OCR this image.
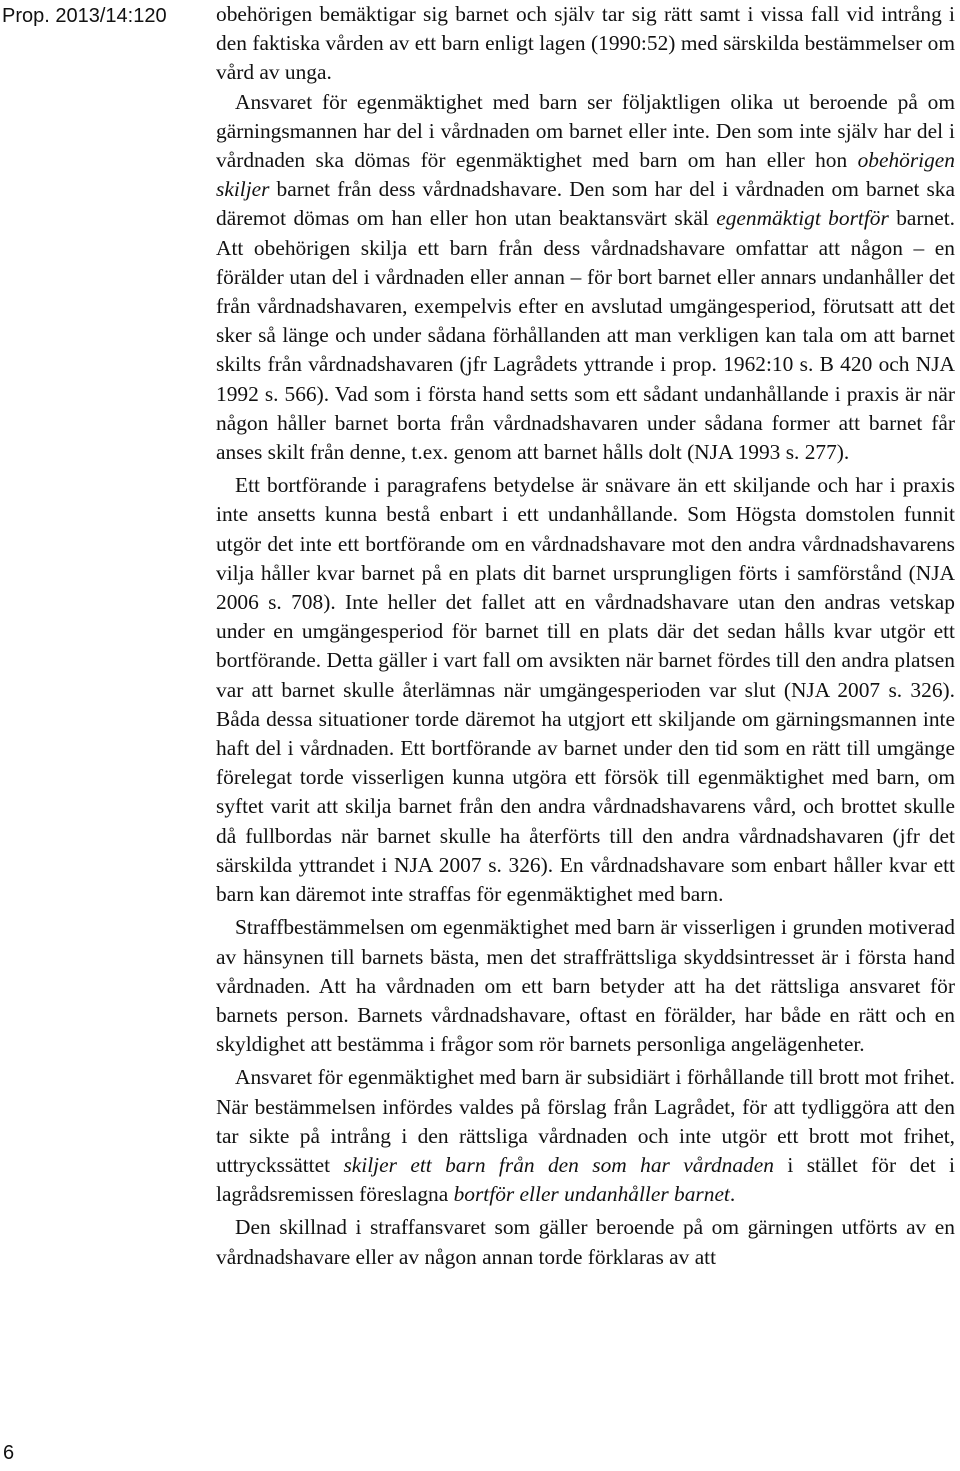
Prop. 2013/14:120 obehörigen bemäktigar sig barnet och själv tar sig rätt samt i vissa fall vid intrång i den faktiska vården av ett barn enligt lagen (1990:52) med särskilda bestämmelser om vård av unga.

Ansvaret för egenmäktighet med barn ser följaktligen olika ut beroende på om gärningsmannen har del i vårdnaden om barnet eller inte. Den som inte själv har del i vårdnaden ska dömas för egenmäktighet med barn om han eller hon obehörigen skiljer barnet från dess vårdnadshavare. Den som har del i vårdnaden om barnet ska däremot dömas om han eller hon utan beaktansvärt skäl egenmäktigt bortför barnet. Att obehörigen skilja ett barn från dess vårdnadshavare omfattar att någon – en förälder utan del i vårdnaden eller annan – för bort barnet eller annars undanhåller det från vårdnadshavaren, exempelvis efter en avslutad umgängesperiod, förutsatt att det sker så länge och under sådana förhållanden att man verkligen kan tala om att barnet skilts från vårdnadshavaren (jfr Lagrådets yttrande i prop. 1962:10 s. B 420 och NJA 1992 s. 566). Vad som i första hand setts som ett sådant undanhållande i praxis är när någon håller barnet borta från vårdnadshavaren under sådana former att barnet får anses skilt från denne, t.ex. genom att barnet hålls dolt (NJA 1993 s. 277).

Ett bortförande i paragrafens betydelse är snävare än ett skiljande och har i praxis inte ansetts kunna bestå enbart i ett undanhållande. Som Högsta domstolen funnit utgör det inte ett bortförande om en vårdnadshavare mot den andra vårdnadshavarens vilja håller kvar barnet på en plats dit barnet ursprungligen förts i samförstånd (NJA 2006 s. 708). Inte heller det fallet att en vårdnadshavare utan den andras vetskap under en umgängesperiod för barnet till en plats där det sedan hålls kvar utgör ett bortförande. Detta gäller i vart fall om avsikten när barnet fördes till den andra platsen var att barnet skulle återlämnas när umgängesperioden var slut (NJA 2007 s. 326). Båda dessa situationer torde däremot ha utgjort ett skiljande om gärningsmannen inte haft del i vårdnaden. Ett bortförande av barnet under den tid som en rätt till umgänge förelegat torde visserligen kunna utgöra ett försök till egenmäktighet med barn, om syftet varit att skilja barnet från den andra vårdnadshavarens vård, och brottet skulle då fullbordas när barnet skulle ha återförts till den andra vårdnadshavaren (jfr det särskilda yttrandet i NJA 2007 s. 326). En vårdnadshavare som enbart håller kvar ett barn kan däremot inte straffas för egenmäktighet med barn.

Straffbestämmelsen om egenmäktighet med barn är visserligen i grunden motiverad av hänsynen till barnets bästa, men det straffrättsliga skyddsintresset är i första hand vårdnaden. Att ha vårdnaden om ett barn betyder att ha det rättsliga ansvaret för barnets person. Barnets vårdnadshavare, oftast en förälder, har både en rätt och en skyldighet att bestämma i frågor som rör barnets personliga angelägenheter.

Ansvaret för egenmäktighet med barn är subsidiärt i förhållande till brott mot frihet. När bestämmelsen infördes valdes på förslag från Lagrådet, för att tydliggöra att den tar sikte på intrång i den rättsliga vårdnaden och inte utgör ett brott mot frihet, uttryckssättet skiljer ett barn från den som har vårdnaden i stället för det i lagrådsremissen föreslagna bortför eller undanhåller barnet.

Den skillnad i straffansvaret som gäller beroende på om gärningen utförts av en vårdnadshavare eller av någon annan torde förklaras av att

6
